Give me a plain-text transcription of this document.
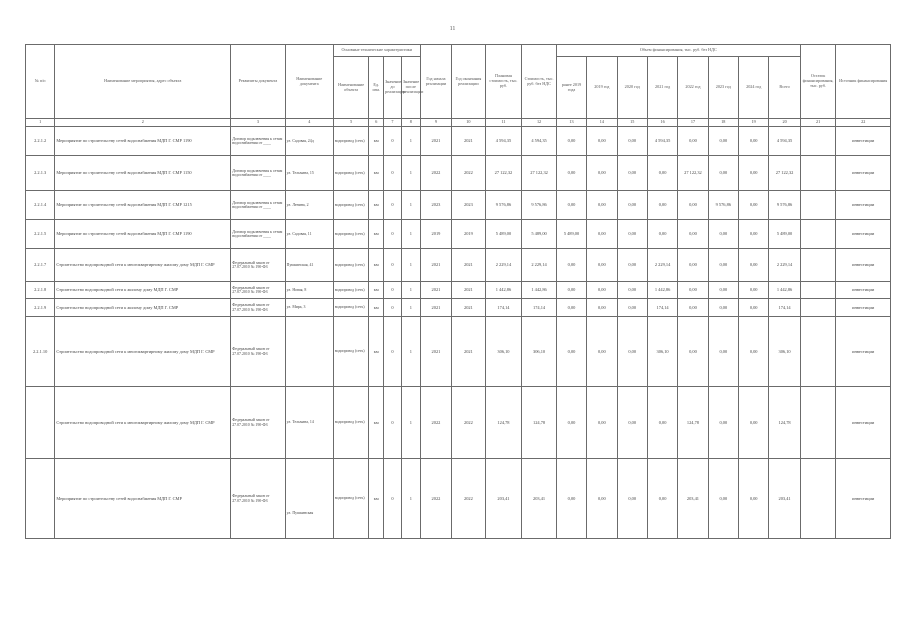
11
№ п/п	Наименование мероприятия, адрес объекта	Реквизиты документа	Наименование документа	Основные технические характеристики				Год начала реализации	Год окончания реализации	Плановая стоимость, тыс. руб.	Стоимость, тыс. руб. без НДС	Объем финансирования, тыс. руб. без НДС								Остаток финансирования, тыс. руб.	Источник финансирования
				Наименование объекта	Ед. изм.	Значение до реализации	Значение после реализации					ранее 2019 года	2019 год	2020 год	2021 год	2022 год	2023 год	2024 год	Всего		

1	2	3	4	5	6	7	8	9	10	11	12	13	14	15	16	17	18	19	20	21	22
2.2.1.2	Мероприятие по строительству сетей водоснабжения МДП Г. СМР 1190	Договор подключения к сетям водоснабжения от ____	ул. Садовая, 24д	водопровод (сеть)	км	0	1	2021	2021	4 594,35	4 594,35	0,00	0,00	0,00	4 594,35	0,00	0,00	0,00	4 594,35		инвестиции
2.2.1.3	Мероприятие по строительству сетей водоснабжения МДП Г. СМР 1150	Договор подключения к сетям водоснабжения от ____	ул. Тельмана, 15	водопровод (сеть)	км	0	1	2022	2022	27 122,32	27 122,32	0,00	0,00	0,00	0,00	27 122,32	0,00	0,00	27 122,32		инвестиции
2.2.1.4	Мероприятие по строительству сетей водоснабжения МДП Г. СМР 1215	Договор подключения к сетям водоснабжения от ____	ул. Ленина, 2	водопровод (сеть)	км	0	1	2023	2023	9 576,86	9 576,86	0,00	0,00	0,00	0,00	0,00	9 576,86	0,00	9 576,86		инвестиции
2.2.1.5	Мероприятие по строительству сетей водоснабжения МДП Г. СМР 1190	Договор подключения к сетям водоснабжения от ____	ул. Садовая, 11	водопровод (сеть)	км	0	1	2019	2019	5 489,00	5 489,00	5 489,00	0,00	0,00	0,00	0,00	0,00	0,00	5 489,00		инвестиции
2.2.1.7	Строительство водопроводной сети к многоквартирному жилому дому МДП Г. СМР	Федеральный закон от 27.07.2010 № 190-ФЗ	Пушкинская, 41	водопровод (сеть)	км	0	1	2021	2021	2 229,14	2 229,14	0,00	0,00	0,00	2 229,14	0,00	0,00	0,00	2 229,14		инвестиции
2.2.1.8	Строительство водопроводной сети к жилому дому МДП Г. СМР	Федеральный закон от 27.07.2010 № 190-ФЗ	ул. Новая, 8	водопровод (сеть)	км	0	1	2021	2021	1 442,86	1 442,86	0,00	0,00	0,00	1 442,86	0,00	0,00	0,00	1 442,86		инвестиции
2.2.1.9	Строительство водопроводной сети к жилому дому МДП Г. СМР	Федеральный закон от 27.07.2010 № 190-ФЗ	ул. Мира, 3	водопровод (сеть)	км	0	1	2021	2021	174,14	174,14	0,00	0,00	0,00	174,14	0,00	0,00	0,00	174,14		инвестиции
2.2.1.10	Строительство водопроводной сети к многоквартирному жилому дому МДП Г. СМР	Федеральный закон от 27.07.2010 № 190-ФЗ		водопровод (сеть)	км	0	1	2021	2021	306,10	306,10	0,00	0,00	0,00	306,10	0,00	0,00	0,00	306,10		инвестиции
	Строительство водопроводной сети к многоквартирному жилому дому МДП Г. СМР	Федеральный закон от 27.07.2010 № 190-ФЗ	ул. Тельмана, 14	водопровод (сеть)	км	0	1	2022	2022	124,78	124,78	0,00	0,00	0,00	0,00	124,78	0,00	0,00	124,78		инвестиции
	Мероприятие по строительству сетей водоснабжения МДП Г. СМР	Федеральный закон от 27.07.2010 № 190-ФЗ	ул. Пушкинская	водопровод (сеть)	км	0	1	2022	2022	203,41	203,41	0,00	0,00	0,00	0,00	203,41	0,00	0,00	203,41		инвестиции
